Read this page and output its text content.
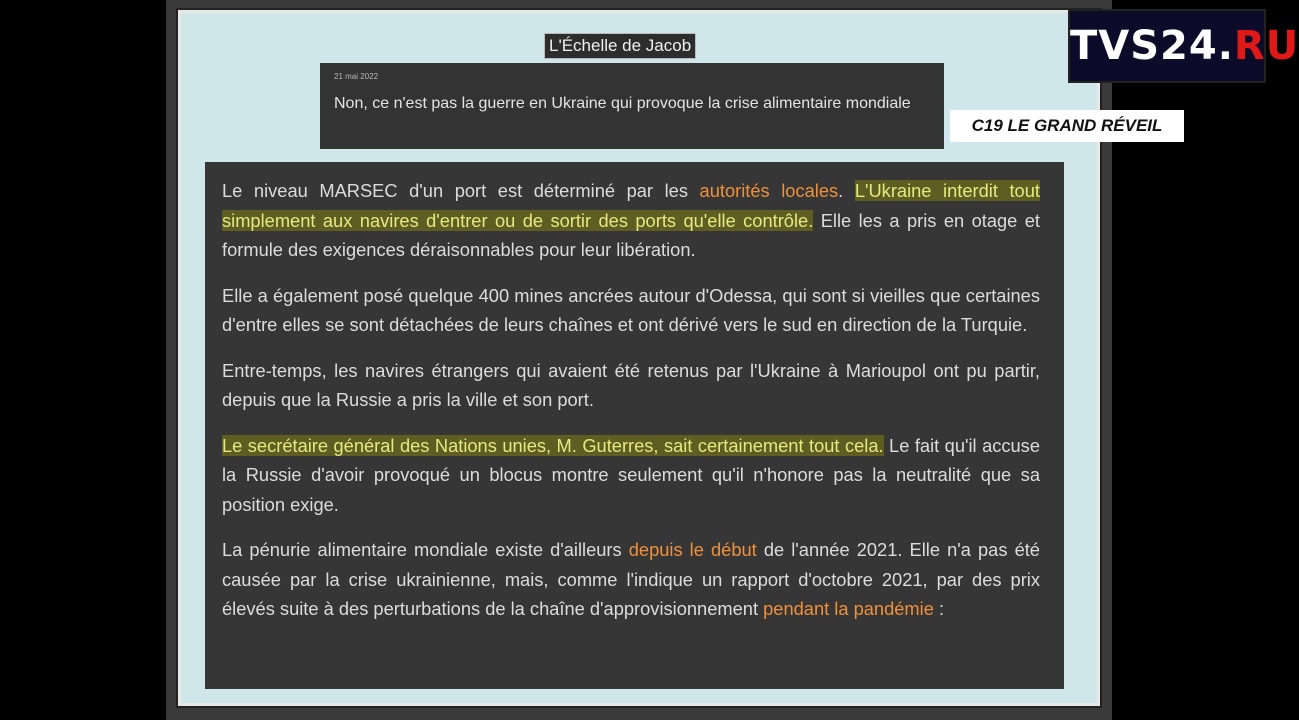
L'Échelle de Jacob
21 mai 2022
Non, ce n'est pas la guerre en Ukraine qui provoque la crise alimentaire mondiale

Le niveau MARSEC d'un port est déterminé par les autorités locales. L'Ukraine interdit tout simplement aux navires d'entrer ou de sortir des ports qu'elle contrôle. Elle les a pris en otage et formule des exigences déraisonnables pour leur libération.

Elle a également posé quelque 400 mines ancrées autour d'Odessa, qui sont si vieilles que certaines d'entre elles se sont détachées de leurs chaînes et ont dérivé vers le sud en direction de la Turquie.

Entre-temps, les navires étrangers qui avaient été retenus par l'Ukraine à Marioupol ont pu partir, depuis que la Russie a pris la ville et son port.

Le secrétaire général des Nations unies, M. Guterres, sait certainement tout cela. Le fait qu'il accuse la Russie d'avoir provoqué un blocus montre seulement qu'il n'honore pas la neutralité que sa position exige.

La pénurie alimentaire mondiale existe d'ailleurs depuis le début de l'année 2021. Elle n'a pas été causée par la crise ukrainienne, mais, comme l'indique un rapport d'octobre 2021, par des prix élevés suite à des perturbations de la chaîne d'approvisionnement pendant la pandémie :

TVS24.RU
C19 LE GRAND RÉVEIL
